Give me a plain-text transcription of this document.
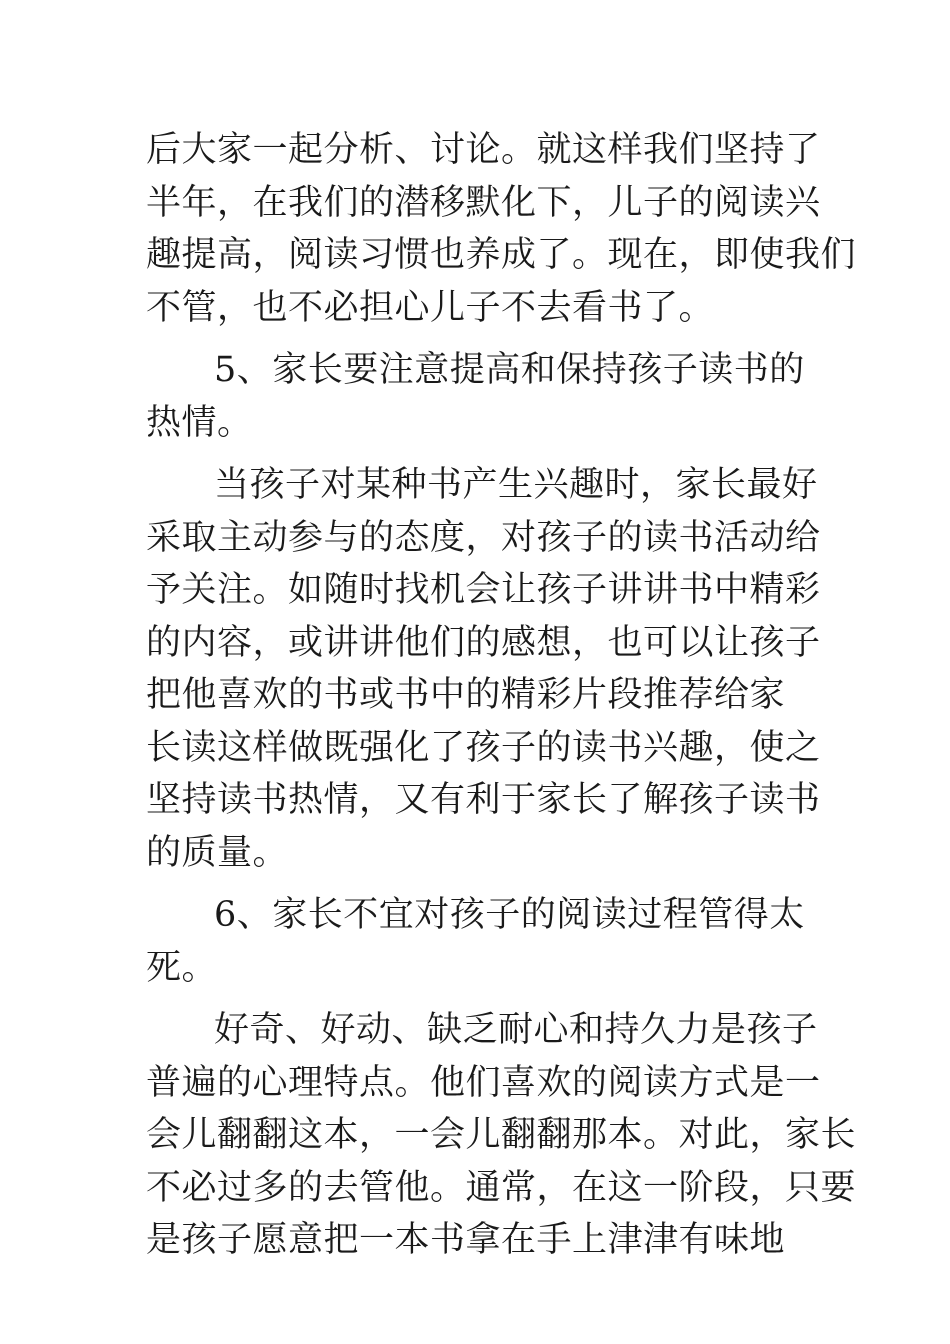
后大家一起分析、讨论。就这样我们坚持了
半年，在我们的潜移默化下，儿子的阅读兴
趣提高，阅读习惯也养成了。现在，即使我们
不管，也不必担心儿子不去看书了。

5、家长要注意提高和保持孩子读书的
热情。

当孩子对某种书产生兴趣时，家长最好
采取主动参与的态度，对孩子的读书活动给
予关注。如随时找机会让孩子讲讲书中精彩
的内容，或讲讲他们的感想，也可以让孩子
把他喜欢的书或书中的精彩片段推荐给家
长读这样做既强化了孩子的读书兴趣，使之
坚持读书热情，又有利于家长了解孩子读书
的质量。

6、家长不宜对孩子的阅读过程管得太
死。

好奇、好动、缺乏耐心和持久力是孩子
普遍的心理特点。他们喜欢的阅读方式是一
会儿翻翻这本，一会儿翻翻那本。对此，家长
不必过多的去管他。通常，在这一阶段，只要
是孩子愿意把一本书拿在手上津津有味地
